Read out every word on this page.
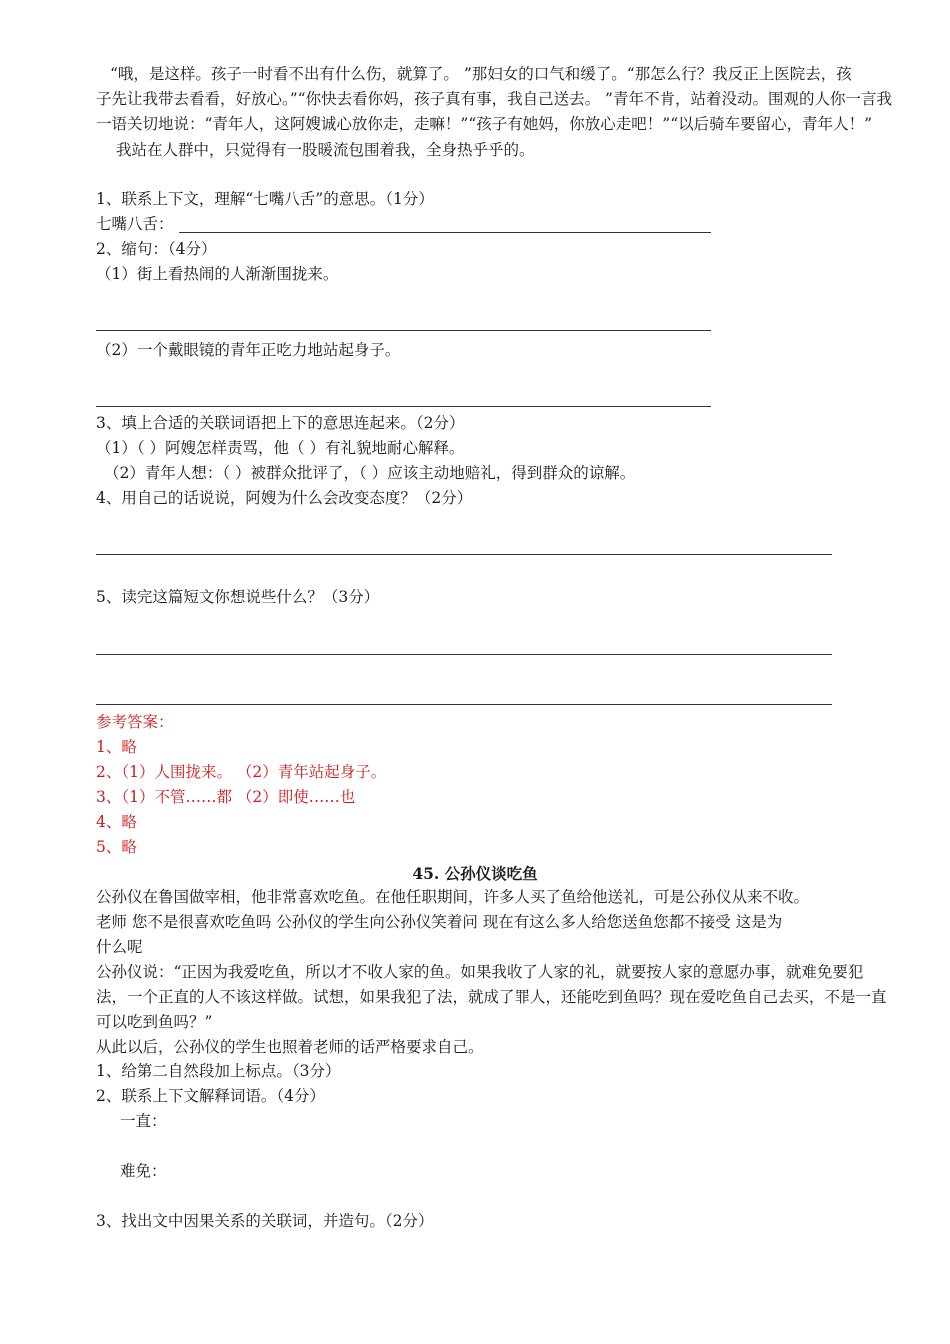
“哦，是这样。孩子一时看不出有什么伤，就算了。 ”那妇女的口气和缓了。“那怎么行？我反正上医院去，孩
子先让我带去看看，好放心。”“你快去看你妈，孩子真有事，我自己送去。 ”青年不肯，站着没动。围观的人你一言我
一语关切地说：“青年人，这阿嫂诚心放你走，走嘛！”“孩子有她妈，你放心走吧！”“以后骑车要留心，青年人！”
我站在人群中，只觉得有一股暖流包围着我，全身热乎乎的。
1、联系上下文，理解“七嘴八舌”的意思。（1分）
七嘴八舌：
2、缩句：（4分）
（1）街上看热闹的人渐渐围拢来。
（2）一个戴眼镜的青年正吃力地站起身子。
3、填上合适的关联词语把上下的意思连起来。（2分）
（1）（ ）阿嫂怎样责骂，他（ ）有礼貌地耐心解释。
（2）青年人想：（ ）被群众批评了，（ ）应该主动地赔礼，得到群众的谅解。
4、用自己的话说说，阿嫂为什么会改变态度？（2分）
5、读完这篇短文你想说些什么？（3分）
参考答案：
1、略
2、（1）人围拢来。 （2）青年站起身子。
3、（1）不管……都 （2）即使……也
4、略
5、略
45. 公孙仪谈吃鱼
公孙仪在鲁国做宰相，他非常喜欢吃鱼。在他任职期间，许多人买了鱼给他送礼，可是公孙仪从来不收。
老师 您不是很喜欢吃鱼吗 公孙仪的学生向公孙仪笑着问 现在有这么多人给您送鱼您都不接受 这是为
什么呢
公孙仪说：“正因为我爱吃鱼，所以才不收人家的鱼。如果我收了人家的礼，就要按人家的意愿办事，就难免要犯
法，一个正直的人不该这样做。试想，如果我犯了法，就成了罪人，还能吃到鱼吗？现在爱吃鱼自己去买，不是一直
可以吃到鱼吗？”
从此以后，公孙仪的学生也照着老师的话严格要求自己。
1、给第二自然段加上标点。（3分）
2、联系上下文解释词语。（4分）
一直：
难免：
3、找出文中因果关系的关联词，并造句。（2分）
